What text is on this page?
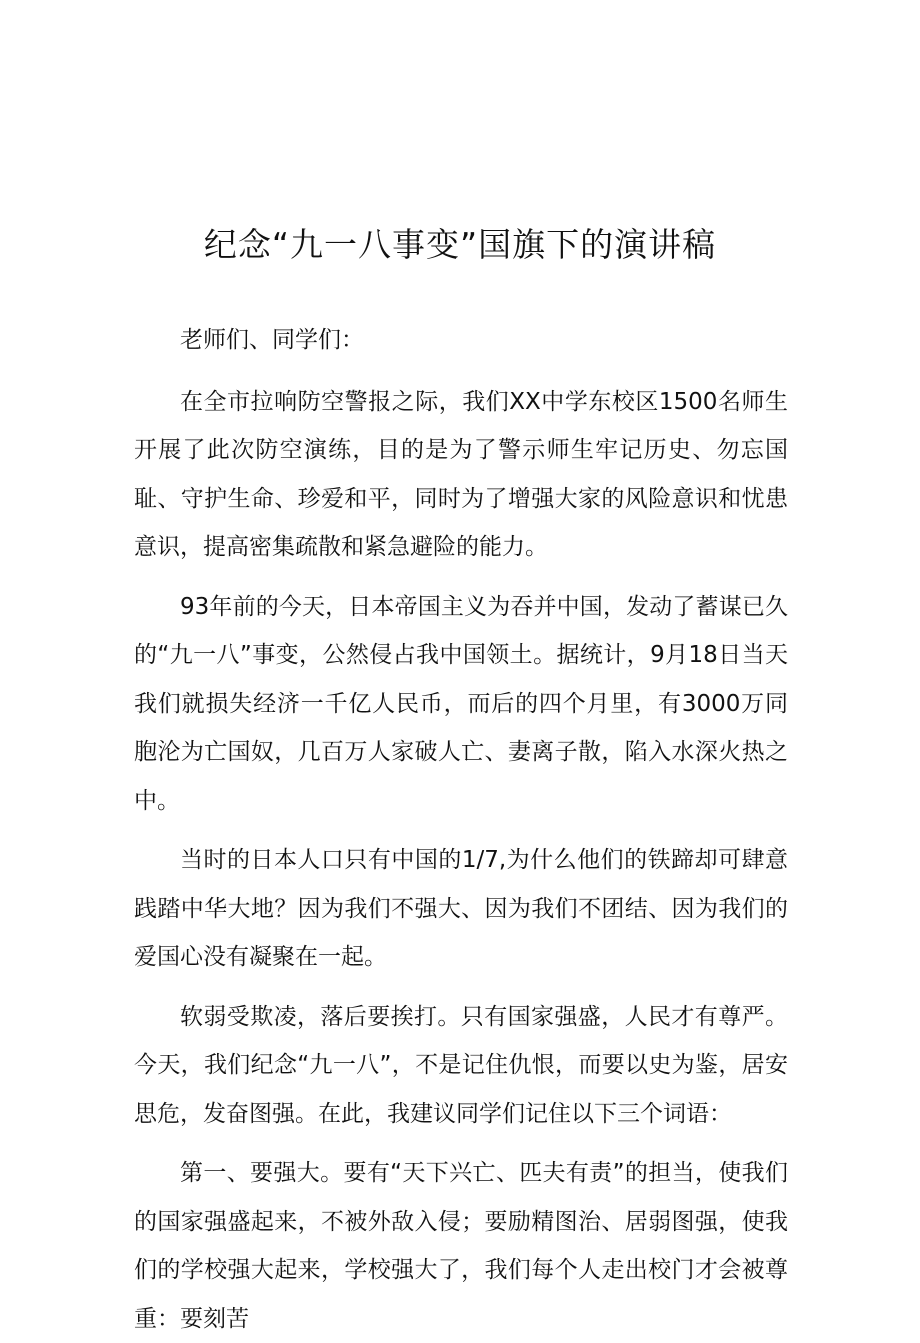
纪念“九一八事变”国旗下的演讲稿

老师们、同学们：

在全市拉响防空警报之际，我们XX中学东校区1500名师生开展了此次防空演练，目的是为了警示师生牢记历史、勿忘国耻、守护生命、珍爱和平，同时为了增强大家的风险意识和忧患意识，提高密集疏散和紧急避险的能力。

93年前的今天，日本帝国主义为吞并中国，发动了蓄谋已久的“九一八”事变，公然侵占我中国领土。据统计，9月18日当天我们就损失经济一千亿人民币，而后的四个月里，有3000万同胞沦为亡国奴，几百万人家破人亡、妻离子散，陷入水深火热之中。

当时的日本人口只有中国的1/7,为什么他们的铁蹄却可肆意践踏中华大地？因为我们不强大、因为我们不团结、因为我们的爱国心没有凝聚在一起。

软弱受欺凌，落后要挨打。只有国家强盛，人民才有尊严。今天，我们纪念“九一八”，不是记住仇恨，而要以史为鉴，居安思危，发奋图强。在此，我建议同学们记住以下三个词语：

第一、要强大。要有“天下兴亡、匹夫有责”的担当，使我们的国家强盛起来，不被外敌入侵；要励精图治、居弱图强，使我们的学校强大起来，学校强大了，我们每个人走出校门才会被尊重：要刻苦
